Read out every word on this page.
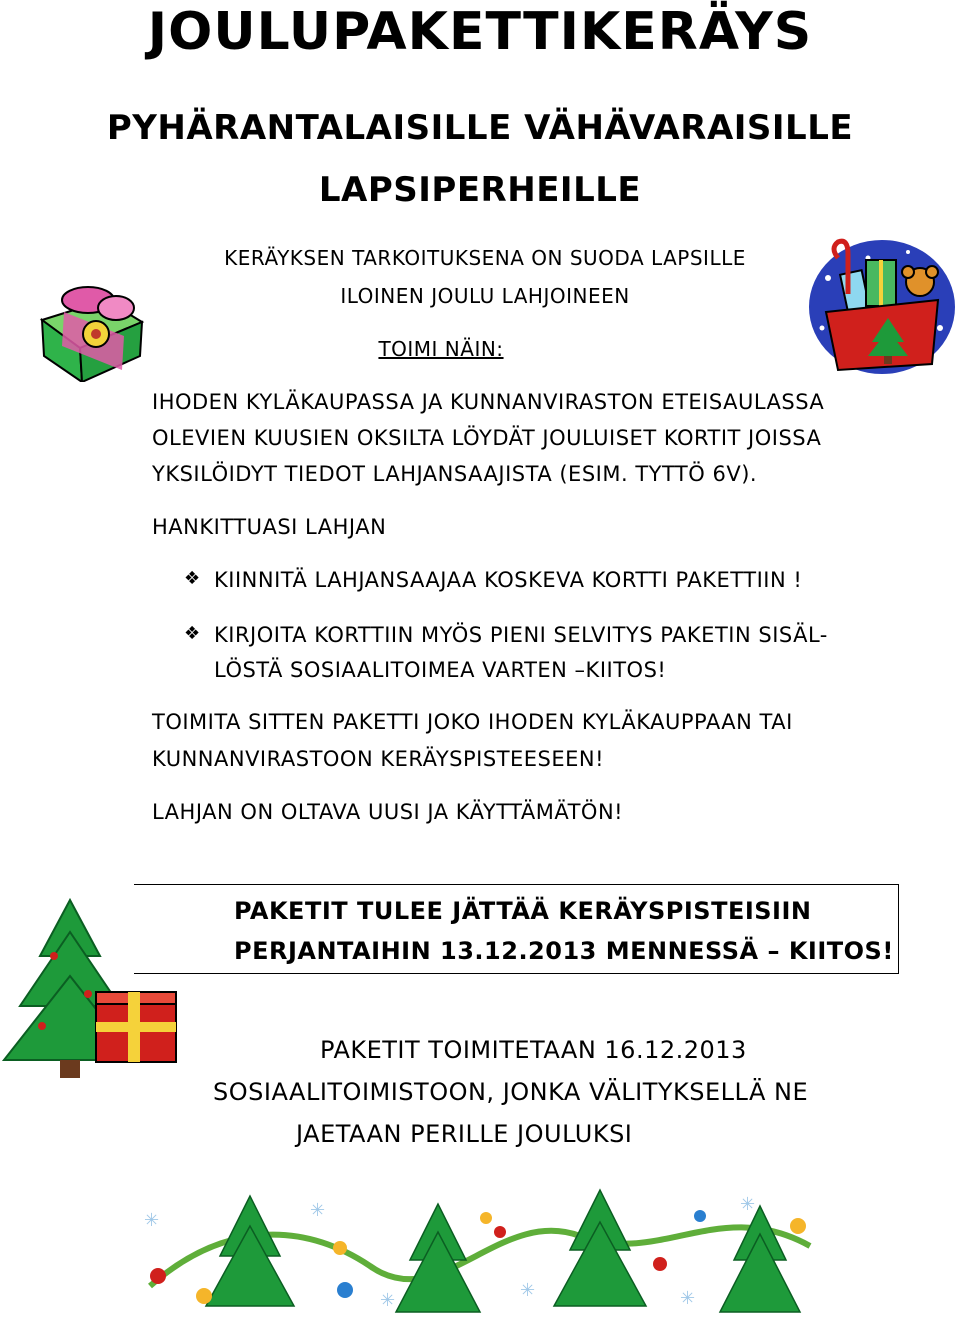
JOULUPAKETTIKERÄYS
PYHÄRANTALAISILLE VÄHÄVARAISILLE
LAPSIPERHEILLE

KERÄYKSEN TARKOITUKSENA ON SUODA LAPSILLE

ILOINEN JOULU LAHJOINEEN

TOIMI NÄIN:

IHODEN KYLÄKAUPASSA JA KUNNANVIRASTON ETEISAULASSA

OLEVIEN KUUSIEN OKSILTA LÖYDÄT JOULUISET KORTIT JOISSA

YKSILÖIDYT TIEDOT LAHJANSAAJISTA (ESIM. TYTTÖ 6V).

HANKITTUASI LAHJAN

❖ KIINNITÄ LAHJANSAAJAA KOSKEVA KORTTI PAKETTIIN !

❖ KIRJOITA KORTTIIN MYÖS PIENI SELVITYS PAKETIN SISÄL-

LÖSTÄ SOSIAALITOIMEA VARTEN –KIITOS!

TOIMITA SITTEN PAKETTI JOKO IHODEN KYLÄKAUPPAAN TAI

KUNNANVIRASTOON KERÄYSPISTEESEEN!

LAHJAN ON OLTAVA UUSI JA KÄYTTÄMÄTÖN!

PAKETIT TULEE JÄTTÄÄ KERÄYSPISTEISIIN

PERJANTAIHIN 13.12.2013 MENNESSÄ – KIITOS!

PAKETIT TOIMITETAAN 16.12.2013

SOSIAALITOIMISTOON, JONKA VÄLITYKSELLÄ NE

JAETAAN PERILLE JOULUKSI

✳	✳
✳	✳	✳
✳
